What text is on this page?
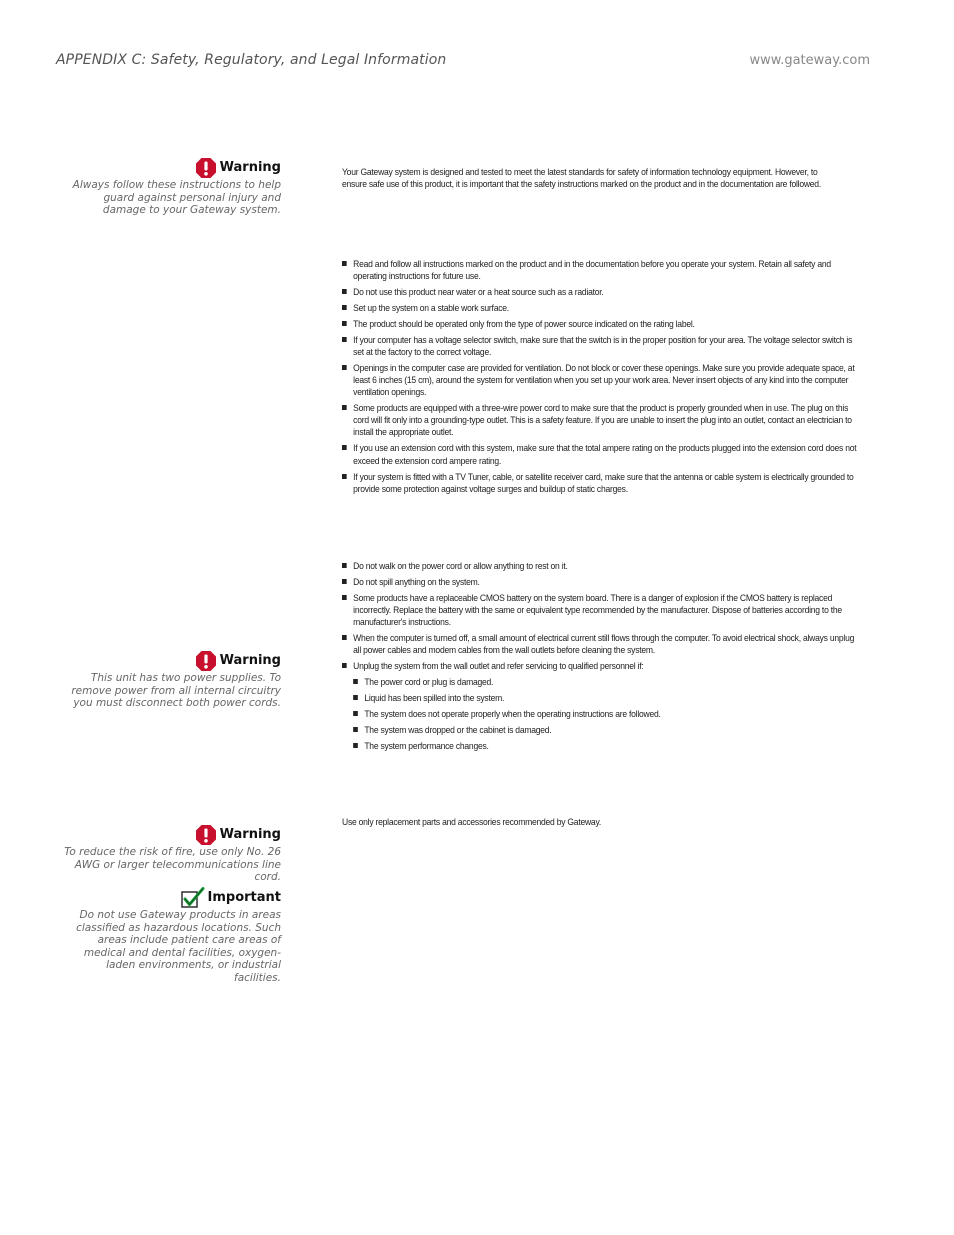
APPENDIX C: Safety, Regulatory, and Legal Information	www.gateway.com
Warning
Always follow these instructions to help guard against personal injury and damage to your Gateway system.
Warning
This unit has two power supplies. To remove power from all internal circuitry you must disconnect both power cords.
Warning
To reduce the risk of fire, use only No. 26 AWG or larger telecommunications line cord.
Important
Do not use Gateway products in areas classified as hazardous locations. Such areas include patient care areas of medical and dental facilities, oxygen-laden environments, or industrial facilities.
Your Gateway system is designed and tested to meet the latest standards for safety of information technology equipment. However, to ensure safe use of this product, it is important that the safety instructions marked on the product and in the documentation are followed.
Read and follow all instructions marked on the product and in the documentation before you operate your system. Retain all safety and operating instructions for future use.
Do not use this product near water or a heat source such as a radiator.
Set up the system on a stable work surface.
The product should be operated only from the type of power source indicated on the rating label.
If your computer has a voltage selector switch, make sure that the switch is in the proper position for your area. The voltage selector switch is set at the factory to the correct voltage.
Openings in the computer case are provided for ventilation. Do not block or cover these openings. Make sure you provide adequate space, at least 6 inches (15 cm), around the system for ventilation when you set up your work area. Never insert objects of any kind into the computer ventilation openings.
Some products are equipped with a three-wire power cord to make sure that the product is properly grounded when in use. The plug on this cord will fit only into a grounding-type outlet. This is a safety feature. If you are unable to insert the plug into an outlet, contact an electrician to install the appropriate outlet.
If you use an extension cord with this system, make sure that the total ampere rating on the products plugged into the extension cord does not exceed the extension cord ampere rating.
If your system is fitted with a TV Tuner, cable, or satellite receiver card, make sure that the antenna or cable system is electrically grounded to provide some protection against voltage surges and buildup of static charges.
Do not walk on the power cord or allow anything to rest on it.
Do not spill anything on the system.
Some products have a replaceable CMOS battery on the system board. There is a danger of explosion if the CMOS battery is replaced incorrectly. Replace the battery with the same or equivalent type recommended by the manufacturer. Dispose of batteries according to the manufacturer's instructions.
When the computer is turned off, a small amount of electrical current still flows through the computer. To avoid electrical shock, always unplug all power cables and modem cables from the wall outlets before cleaning the system.
Unplug the system from the wall outlet and refer servicing to qualified personnel if:
The power cord or plug is damaged.
Liquid has been spilled into the system.
The system does not operate properly when the operating instructions are followed.
The system was dropped or the cabinet is damaged.
The system performance changes.
Use only replacement parts and accessories recommended by Gateway.
